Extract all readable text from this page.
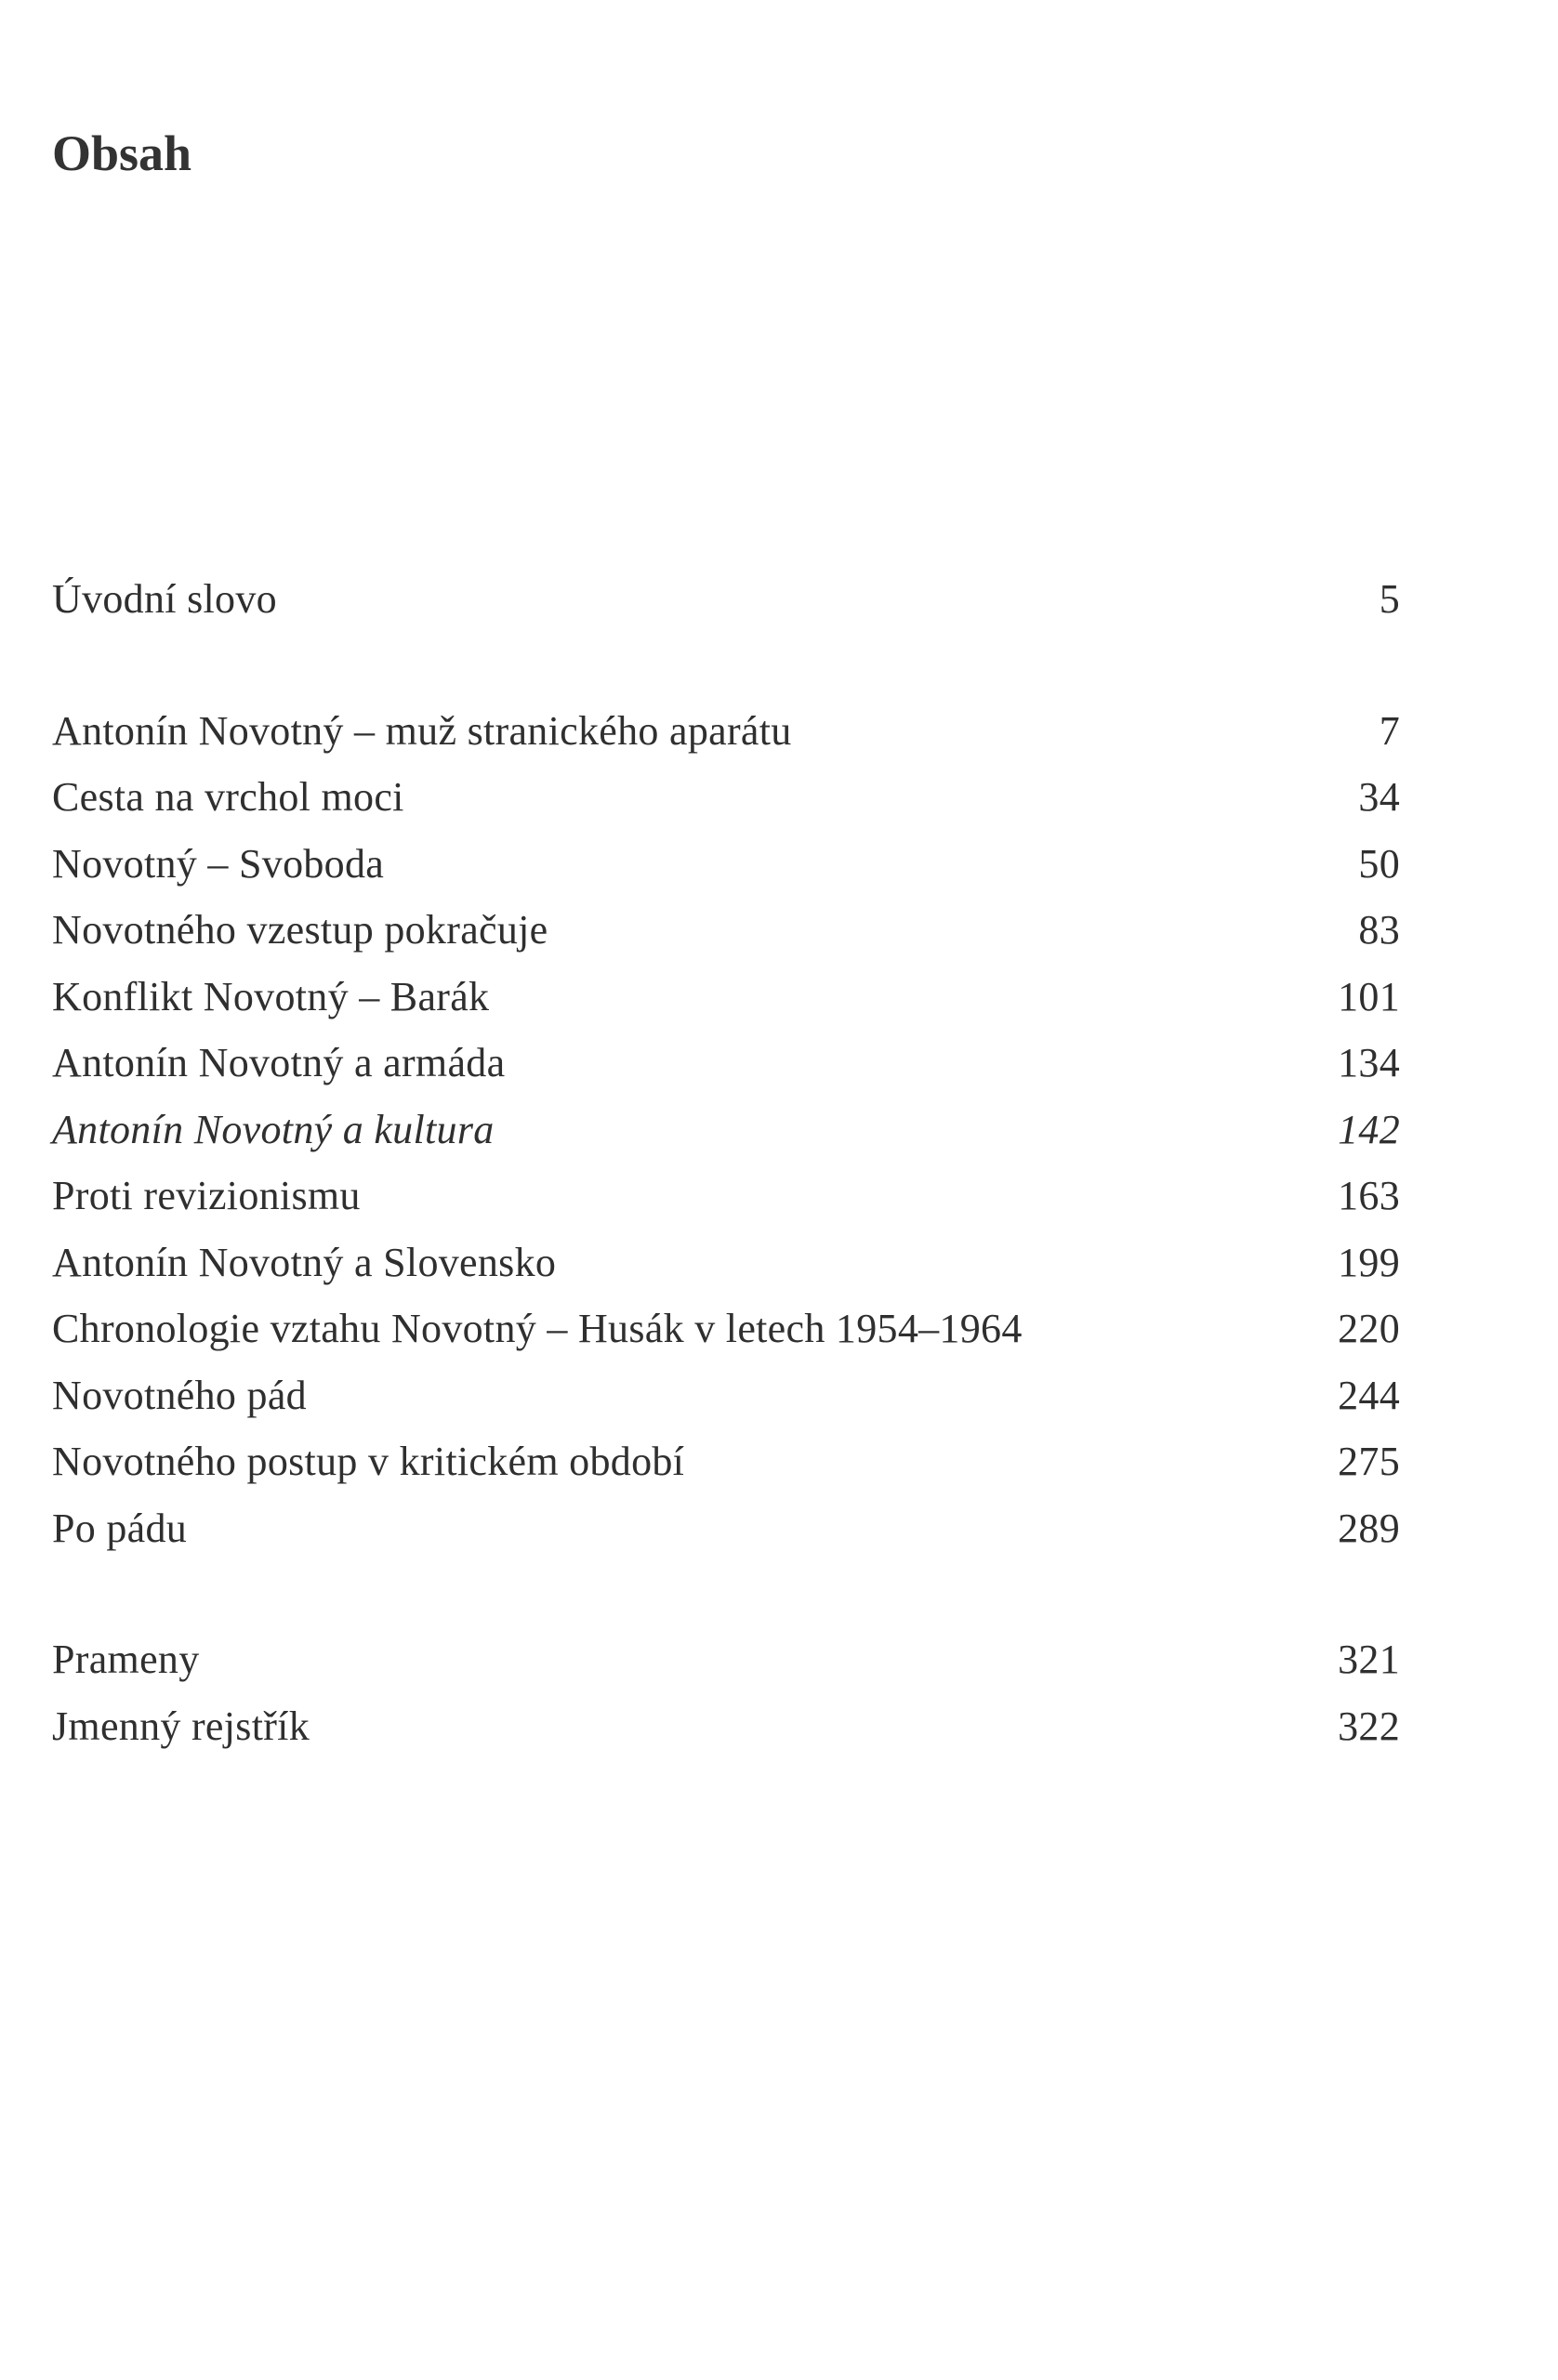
Obsah
Úvodní slovo	5
Antonín Novotný – muž stranického aparátu	7
Cesta na vrchol moci	34
Novotný – Svoboda	50
Novotného vzestup pokračuje	83
Konflikt Novotný – Barák	101
Antonín Novotný a armáda	134
Antonín Novotný a kultura	142
Proti revizionismu	163
Antonín Novotný a Slovensko	199
Chronologie vztahu Novotný – Husák v letech 1954–1964	220
Novotného pád	244
Novotného postup v kritickém období	275
Po pádu	289
Prameny	321
Jmenný rejstřík	322
